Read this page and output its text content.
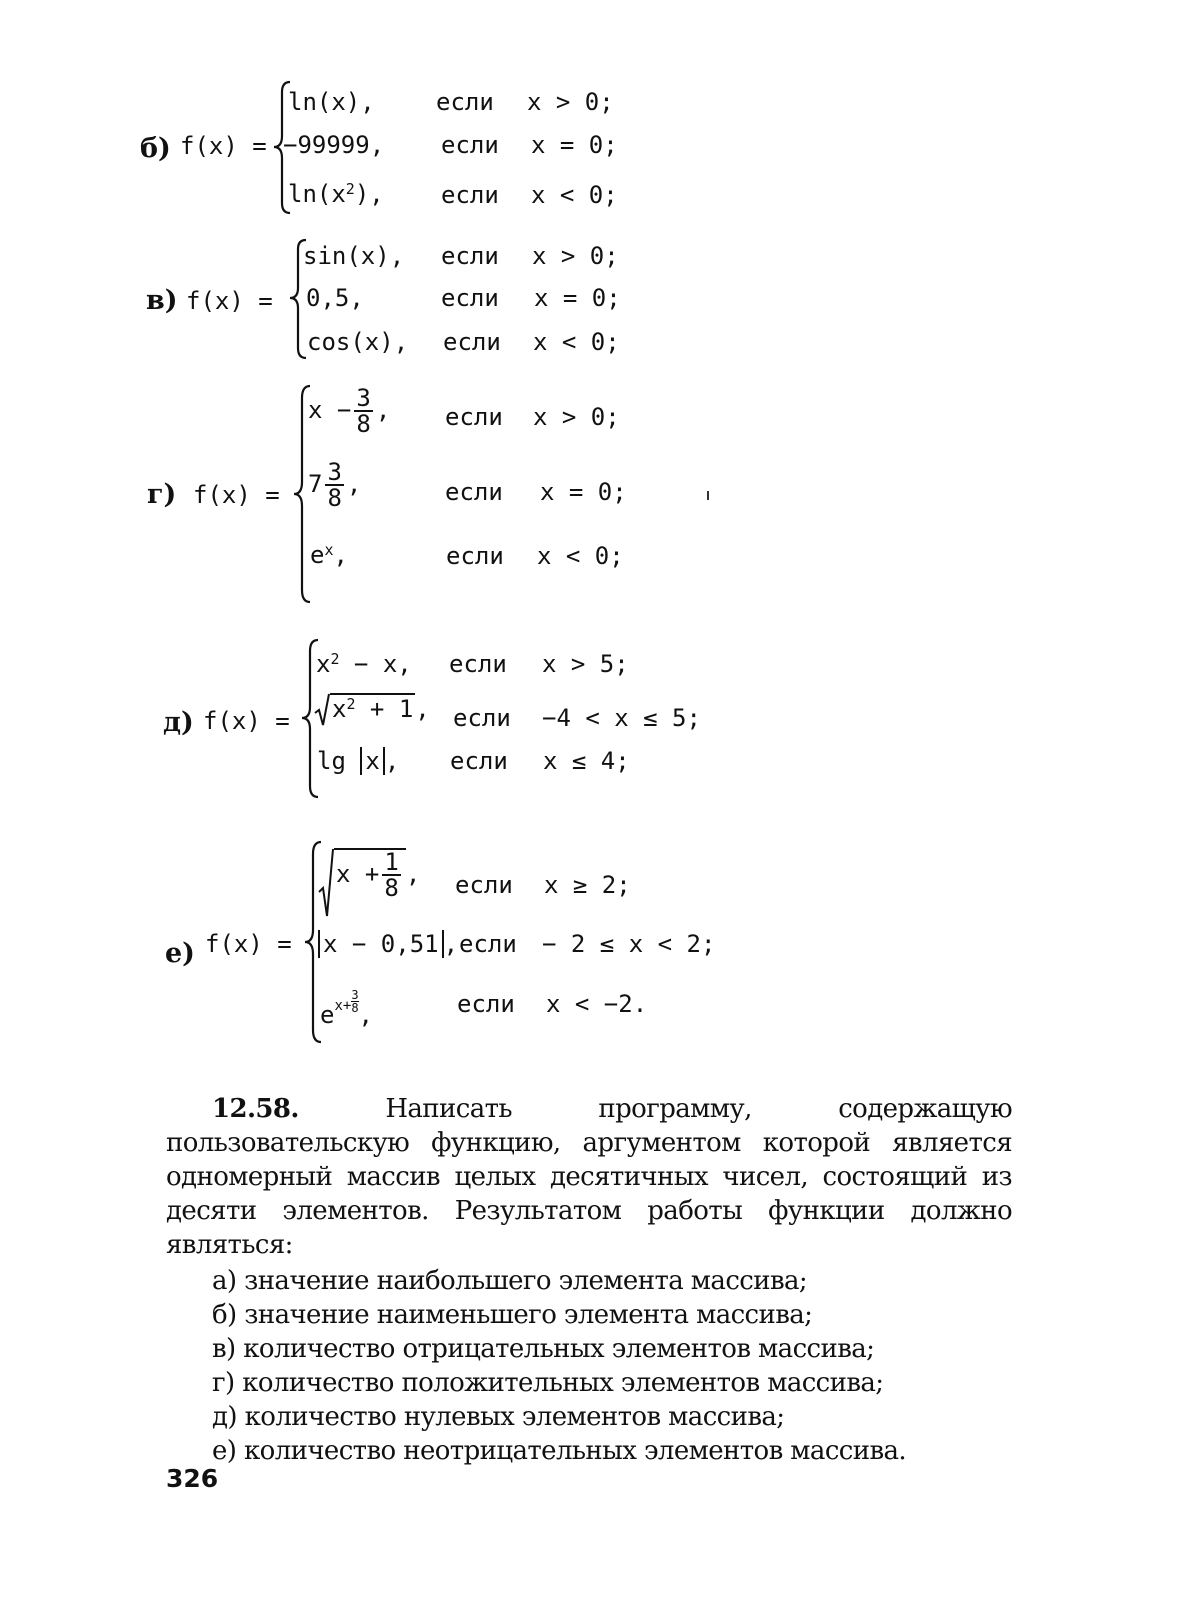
б) f(x) =
ln(x),	если x > 0;
−99999, если x = 0;
$\ln(x^2)$, если x < 0;
в) f(x) =
sin(x), если x > 0;
0,5,	если x = 0;
cos(x), если x < 0;
г) f(x) =
$x - \frac{3}{8}$ , если x > 0;
$7 \frac{3}{8}$ ,	если x = 0;
$e^x$,	если x < 0;
д) f(x) =
$x^2 - x$, если x > 5;
$x^2 + 1$, если −4 < x ≤ 5;
lg x , если x ≤ 4;
е) f(x) =
$x + \frac{1}{8}$ , если x ≥ 2;
x − 0,51 , если − 2 ≤ x < 2;
$e^{x+} \frac{3}{8}$,	если x < −2.

12.58.	Написать программу, содержащую пользовательскую функцию, аргументом которой является одномерный массив целых десятичных чисел, состоящий из десяти элементов. Результатом работы функции должно являться:

а) значение наибольшего элемента массива;
б) значение наименьшего элемента массива;
в) количество отрицательных элементов массива;
г) количество положительных элементов массива;
д) количество нулевых элементов массива;
е) количество неотрицательных элементов массива.
326
